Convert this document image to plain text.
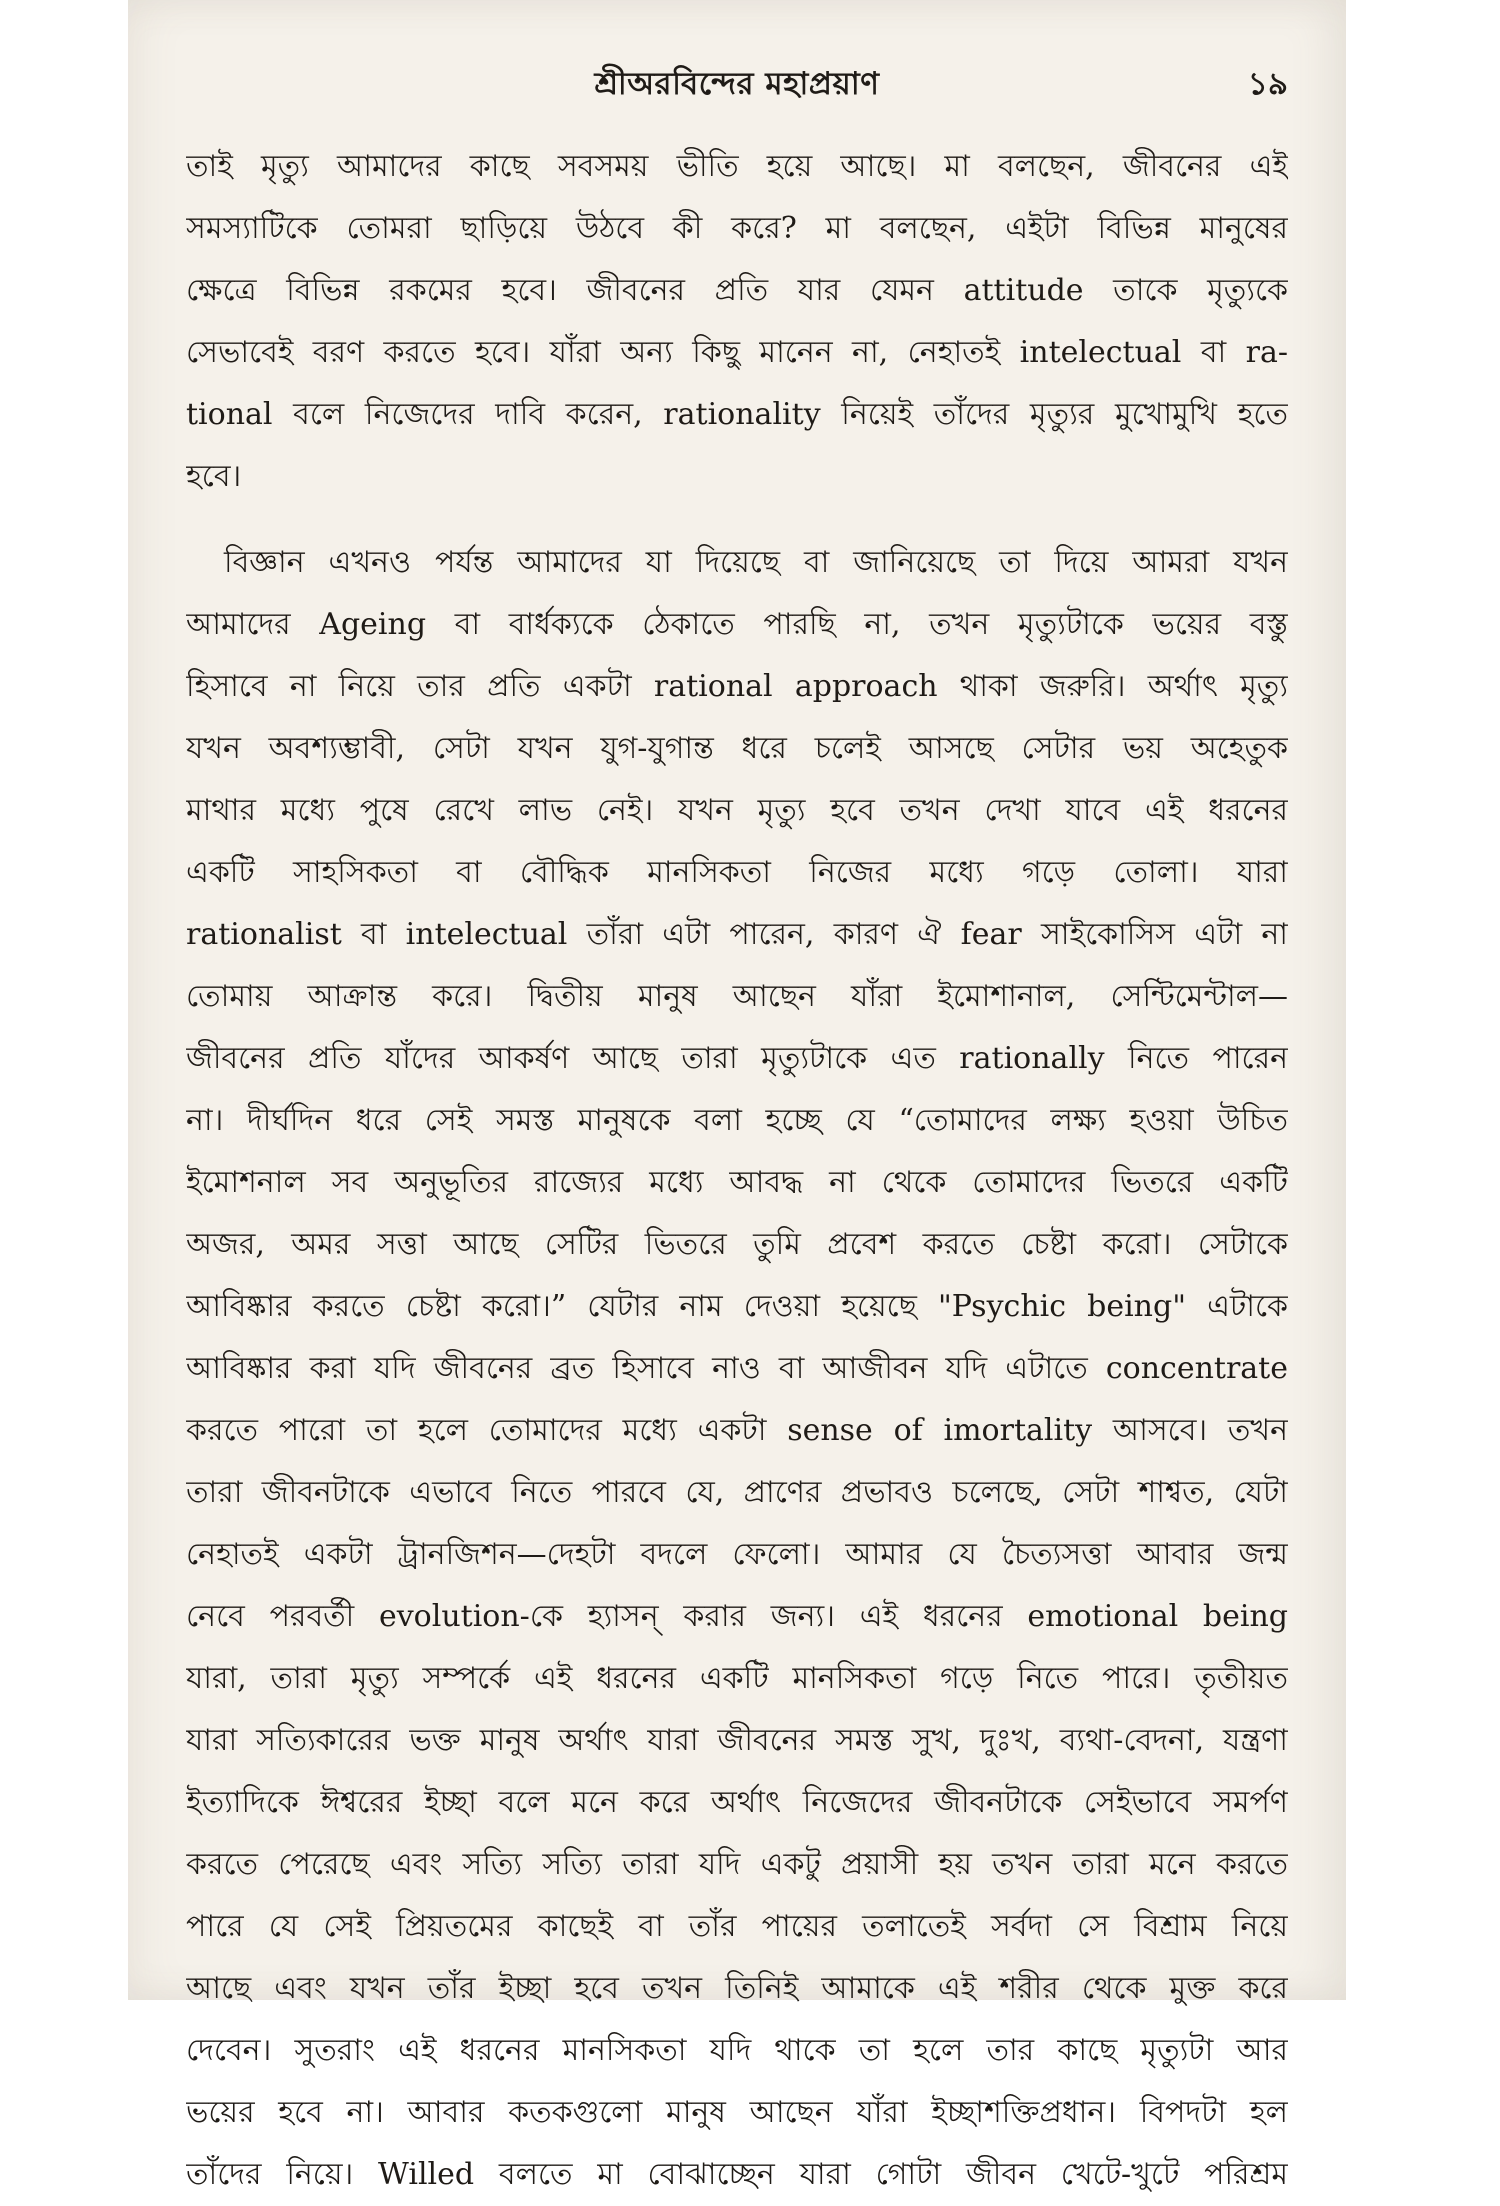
শ্রীঅরবিন্দের মহাপ্রয়াণ	১৯
তাই মৃত্যু আমাদের কাছে সবসময় ভীতি হয়ে আছে। মা বলছেন, জীবনের এই
সমস্যাটিকে তোমরা ছাড়িয়ে উঠবে কী করে? মা বলছেন, এইটা বিভিন্ন মানুষের
ক্ষেত্রে বিভিন্ন রকমের হবে। জীবনের প্রতি যার যেমন attitude তাকে মৃত্যুকে
সেভাবেই বরণ করতে হবে। যাঁরা অন্য কিছু মানেন না, নেহাতই intelectual বা ra-
tional বলে নিজেদের দাবি করেন, rationality নিয়েই তাঁদের মৃত্যুর মুখোমুখি হতে
হবে।
বিজ্ঞান এখনও পর্যন্ত আমাদের যা দিয়েছে বা জানিয়েছে তা দিয়ে আমরা যখন
আমাদের Ageing বা বার্ধক্যকে ঠেকাতে পারছি না, তখন মৃত্যুটাকে ভয়ের বস্তু
হিসাবে না নিয়ে তার প্রতি একটা rational approach থাকা জরুরি। অর্থাৎ মৃত্যু
যখন অবশ্যম্ভাবী, সেটা যখন যুগ-যুগান্ত ধরে চলেই আসছে সেটার ভয় অহেতুক
মাথার মধ্যে পুষে রেখে লাভ নেই। যখন মৃত্যু হবে তখন দেখা যাবে এই ধরনের
একটি সাহসিকতা বা বৌদ্ধিক মানসিকতা নিজের মধ্যে গড়ে তোলা। যারা
rationalist বা intelectual তাঁরা এটা পারেন, কারণ ঐ fear সাইকোসিস এটা না
তোমায় আক্রান্ত করে। দ্বিতীয় মানুষ আছেন যাঁরা ইমোশানাল, সেন্টিমেন্টাল—
জীবনের প্রতি যাঁদের আকর্ষণ আছে তারা মৃত্যুটাকে এত rationally নিতে পারেন
না। দীর্ঘদিন ধরে সেই সমস্ত মানুষকে বলা হচ্ছে যে “তোমাদের লক্ষ্য হওয়া উচিত
ইমোশনাল সব অনুভূতির রাজ্যের মধ্যে আবদ্ধ না থেকে তোমাদের ভিতরে একটি
অজর, অমর সত্তা আছে সেটির ভিতরে তুমি প্রবেশ করতে চেষ্টা করো। সেটাকে
আবিষ্কার করতে চেষ্টা করো।” যেটার নাম দেওয়া হয়েছে "Psychic being" এটাকে
আবিষ্কার করা যদি জীবনের ব্রত হিসাবে নাও বা আজীবন যদি এটাতে concentrate
করতে পারো তা হলে তোমাদের মধ্যে একটা sense of imortality আসবে। তখন
তারা জীবনটাকে এভাবে নিতে পারবে যে, প্রাণের প্রভাবও চলেছে, সেটা শাশ্বত, যেটা
নেহাতই একটা ট্রানজিশন—দেহটা বদলে ফেলো। আমার যে চৈত্যসত্তা আবার জন্ম
নেবে পরবর্তী evolution-কে হ্যাসন্ করার জন্য। এই ধরনের emotional being
যারা, তারা মৃত্যু সম্পর্কে এই ধরনের একটি মানসিকতা গড়ে নিতে পারে। তৃতীয়ত
যারা সত্যিকারের ভক্ত মানুষ অর্থাৎ যারা জীবনের সমস্ত সুখ, দুঃখ, ব্যথা-বেদনা, যন্ত্রণা
ইত্যাদিকে ঈশ্বরের ইচ্ছা বলে মনে করে অর্থাৎ নিজেদের জীবনটাকে সেইভাবে সমর্পণ
করতে পেরেছে এবং সত্যি সত্যি তারা যদি একটু প্রয়াসী হয় তখন তারা মনে করতে
পারে যে সেই প্রিয়তমের কাছেই বা তাঁর পায়ের তলাতেই সর্বদা সে বিশ্রাম নিয়ে
আছে এবং যখন তাঁর ইচ্ছা হবে তখন তিনিই আমাকে এই শরীর থেকে মুক্ত করে
দেবেন। সুতরাং এই ধরনের মানসিকতা যদি থাকে তা হলে তার কাছে মৃত্যুটা আর
ভয়ের হবে না। আবার কতকগুলো মানুষ আছেন যাঁরা ইচ্ছাশক্তিপ্রধান। বিপদটা হল
তাঁদের নিয়ে। Willed বলতে মা বোঝাচ্ছেন যারা গোটা জীবন খেটে-খুটে পরিশ্রম
